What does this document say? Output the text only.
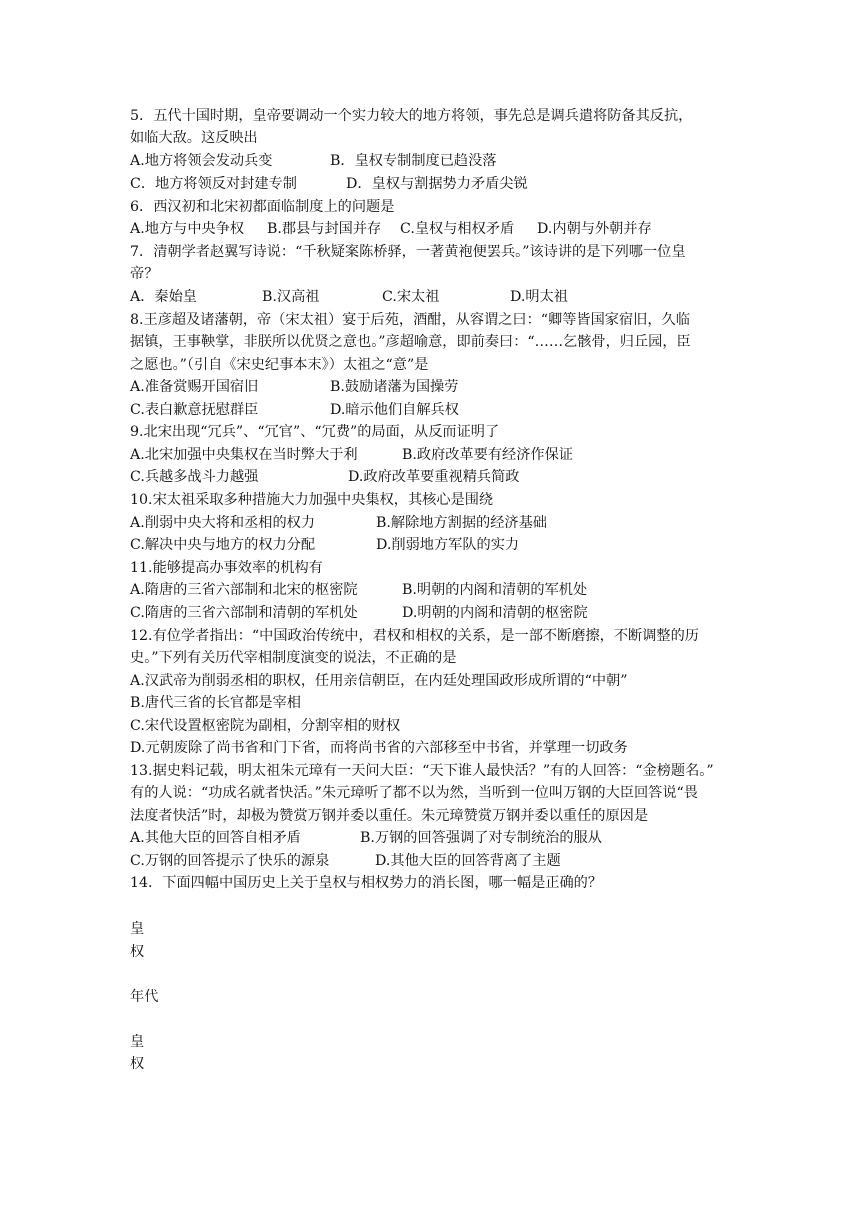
5．五代十国时期，皇帝要调动一个实力较大的地方将领，事先总是调兵遣将防备其反抗，
如临大敌。这反映出

A.地方将领会发动兵变

	B．皇权专制制度已趋没落

C．地方将领反对封建专制

	D．皇权与割据势力矛盾尖锐

6．西汉初和北宋初都面临制度上的问题是

A.地方与中央争权

B.郡县与封国并存

C.皇权与相权矛盾

D.内朝与外朝并存

7．清朝学者赵翼写诗说：“千秋疑案陈桥驿，一著黄袍便罢兵。”该诗讲的是下列哪一位皇
帝？

A．秦始皇

	B.汉高祖

	C.宋太祖

	D.明太祖

8.王彦超及诸藩朝，帝（宋太祖）宴于后苑，酒酣，从容谓之曰：“卿等皆国家宿旧，久临
据镇，王事鞅掌，非朕所以优贤之意也。”彦超喻意，即前奏曰：“……乞骸骨，归丘园，臣
之愿也。”（引自《宋史纪事本末》）太祖之“意”是

A.准备赏赐开国宿旧

	B.鼓励诸藩为国操劳

C.表白歉意抚慰群臣

	D.暗示他们自解兵权

9.北宋出现“冗兵”、“冗官”、“冗费”的局面，从反而证明了

A.北宋加强中央集权在当时弊大于利

	B.政府改革要有经济作保证

C.兵越多战斗力越强

	D.政府改革要重视精兵简政

10.宋太祖采取多种措施大力加强中央集权，其核心是围绕

A.削弱中央大将和丞相的权力

	B.解除地方割据的经济基础

C.解决中央与地方的权力分配

	D.削弱地方军队的实力

11.能够提高办事效率的机构有

A.隋唐的三省六部制和北宋的枢密院

	B.明朝的内阁和清朝的军机处

C.隋唐的三省六部制和清朝的军机处

	D.明朝的内阁和清朝的枢密院

12.有位学者指出：“中国政治传统中，君权和相权的关系，是一部不断磨擦，不断调整的历
史。”下列有关历代宰相制度演变的说法，不正确的是
A.汉武帝为削弱丞相的职权，任用亲信朝臣，在内廷处理国政形成所谓的“中朝”
B.唐代三省的长官都是宰相
C.宋代设置枢密院为副相，分割宰相的财权
D.元朝废除了尚书省和门下省，而将尚书省的六部移至中书省，并掌理一切政务
13.据史料记载，明太祖朱元璋有一天问大臣：“天下谁人最快活？”有的人回答：“金榜题名。”
有的人说：“功成名就者快活。”朱元璋听了都不以为然，当听到一位叫万钢的大臣回答说“畏
法度者快活”时，却极为赞赏万钢并委以重任。朱元璋赞赏万钢并委以重任的原因是

A.其他大臣的回答自相矛盾

	B.万钢的回答强调了对专制统治的服从

C.万钢的回答提示了快乐的源泉

	D.其他大臣的回答背离了主题

14．下面四幅中国历史上关于皇权与相权势力的消长图，哪一幅是正确的？
皇
权
年代
皇
权
